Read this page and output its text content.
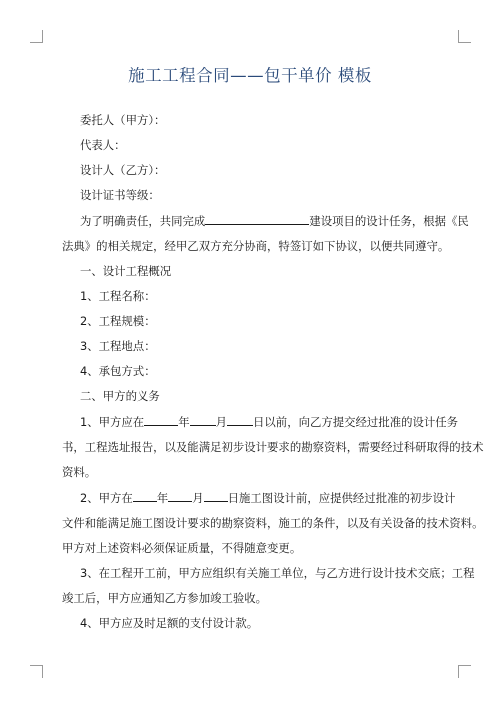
施工工程合同——包干单价 模板
委托人（甲方）：
代表人：
设计人（乙方）：
设计证书等级：
为了明确责任，共同完成	建设项目的设计任务，根据《民
法典》的相关规定，经甲乙双方充分协商，特签订如下协议，以便共同遵守。
一、设计工程概况
1、工程名称：
2、工程规模：
3、工程地点：
4、承包方式：
二、甲方的义务
1、甲方应在	年 月 日以前，向乙方提交经过批准的设计任务
书，工程选址报告，以及能满足初步设计要求的勘察资料，需要经过科研取得的技术
资料。
2、甲方在 年 月 日施工图设计前，应提供经过批准的初步设计
文件和能满足施工图设计要求的勘察资料，施工的条件，以及有关设备的技术资料。
甲方对上述资料必须保证质量，不得随意变更。
3、在工程开工前，甲方应组织有关施工单位，与乙方进行设计技术交底；工程
竣工后，甲方应通知乙方参加竣工验收。
4、甲方应及时足额的支付设计款。
